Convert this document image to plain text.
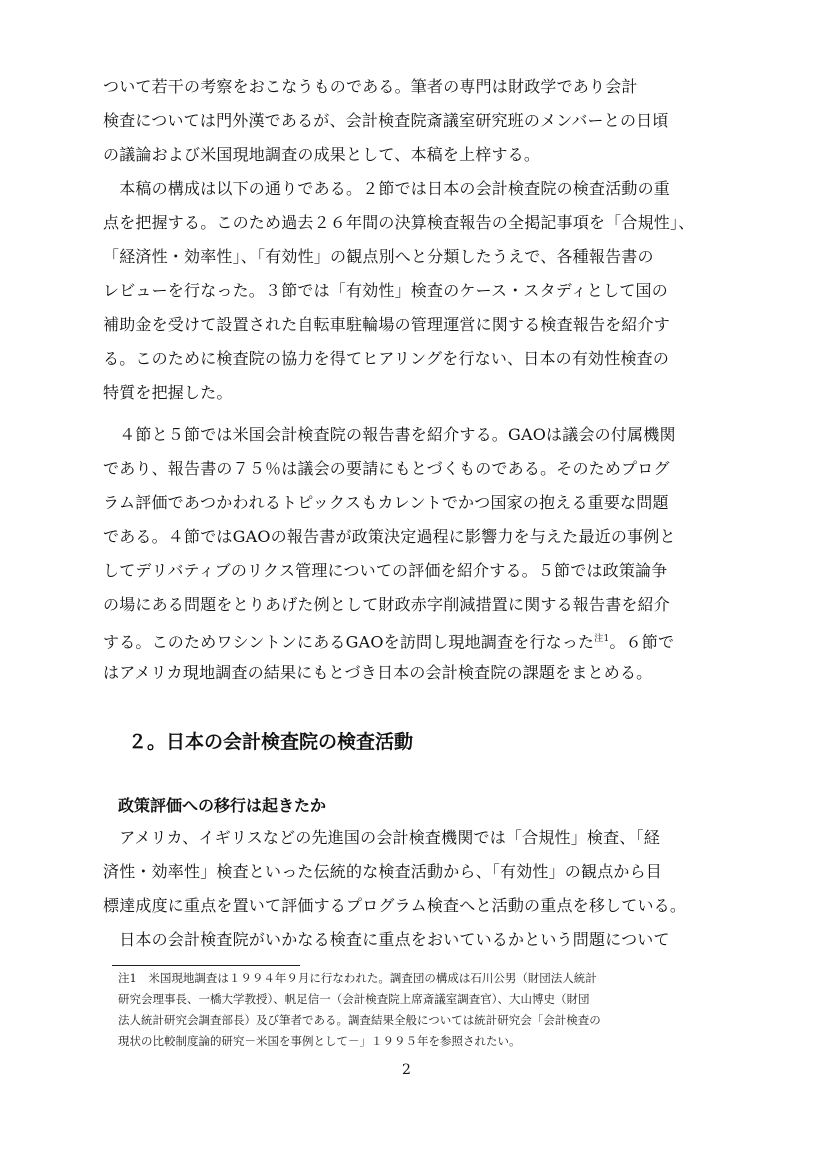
ついて若干の考察をおこなうものである。筆者の専門は財政学であり会計
検査については門外漢であるが、会計検査院斎議室研究班のメンバーとの日頃
の議論および米国現地調査の成果として、本稿を上梓する。
　本稿の構成は以下の通りである。２節では日本の会計検査院の検査活動の重
点を把握する。このため過去２６年間の決算検査報告の全掲記事項を「合規性」、
「経済性・効率性」、「有効性」の観点別へと分類したうえで、各種報告書の
レビューを行なった。３節では「有効性」検査のケース・スタディとして国の
補助金を受けて設置された自転車駐輪場の管理運営に関する検査報告を紹介す
る。このために検査院の協力を得てヒアリングを行ない、日本の有効性検査の
特質を把握した。
　４節と５節では米国会計検査院の報告書を紹介する。GAOは議会の付属機関
であり、報告書の７５％は議会の要請にもとづくものである。そのためプログ
ラム評価であつかわれるトピックスもカレントでかつ国家の抱える重要な問題
である。４節ではGAOの報告書が政策決定過程に影響力を与えた最近の事例と
してデリバティブのリクス管理についての評価を紹介する。５節では政策論争
の場にある問題をとりあげた例として財政赤字削減措置に関する報告書を紹介
する。このためワシントンにあるGAOを訪問し現地調査を行なった$^{注1}$。６節で
はアメリカ現地調査の結果にもとづき日本の会計検査院の課題をまとめる。
２。日本の会計検査院の検査活動
政策評価への移行は起きたか
　アメリカ、イギリスなどの先進国の会計検査機関では「合規性」検査、「経
済性・効率性」検査といった伝統的な検査活動から、「有効性」の観点から目
標達成度に重点を置いて評価するプログラム検査へと活動の重点を移している。
　日本の会計検査院がいかなる検査に重点をおいているかという問題について
注1　米国現地調査は１９９４年９月に行なわれた。調査団の構成は石川公男（財団法人統計
研究会理事長、一橋大学教授）、帆足信一（会計検査院上席斎議室調査官）、大山博史（財団
法人統計研究会調査部長）及び筆者である。調査結果全般については統計研究会「会計検査の
現状の比較制度論的研究－米国を事例として－」１９９５年を参照されたい。
2
